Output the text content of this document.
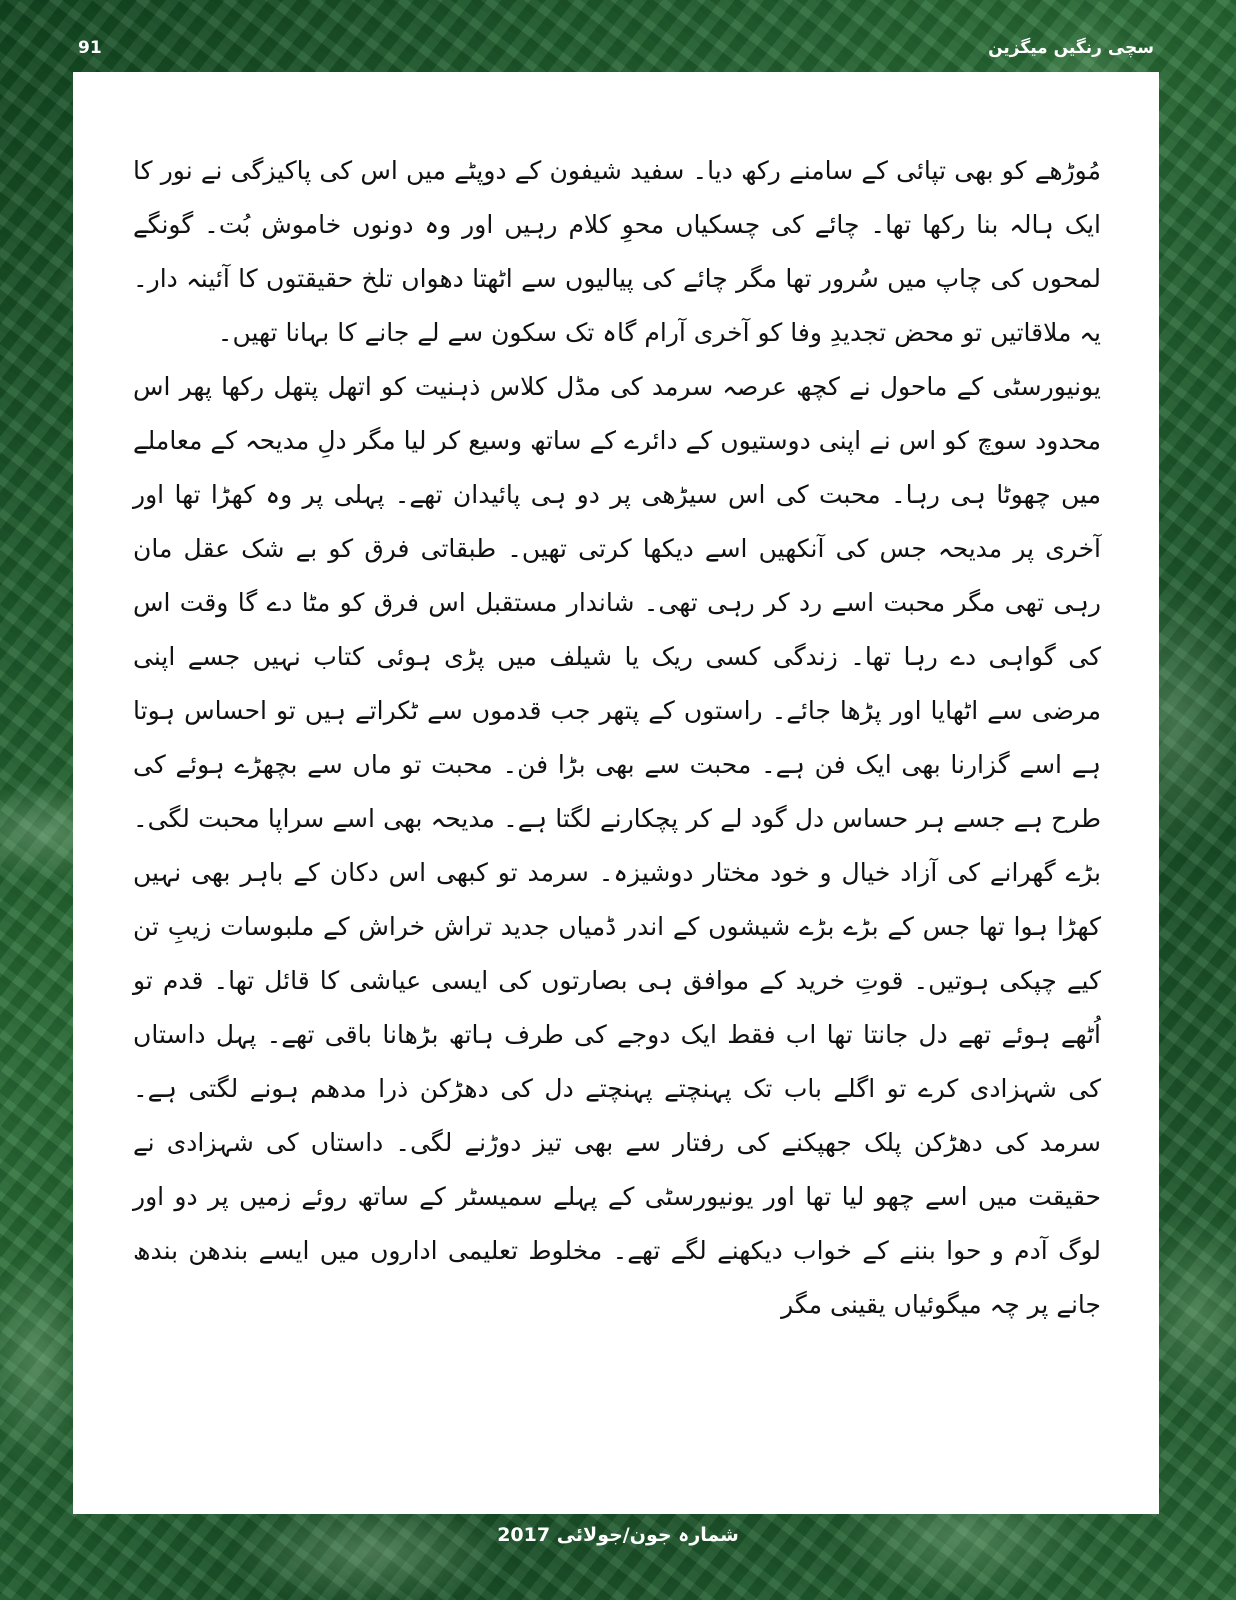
91	سچی رنگیں میگزین

مُوڑھے کو بھی تپائی کے سامنے رکھ دیا۔ سفید شیفون کے دوپٹے میں اس کی پاکیزگی نے نور کا ایک ہالہ بنا رکھا تھا۔ چائے کی چسکیاں محوِ کلام رہیں اور وہ دونوں خاموش بُت۔ گونگے لمحوں کی چاپ میں سُرور تھا مگر چائے کی پیالیوں سے اٹھتا دھواں تلخ حقیقتوں کا آئینہ دار۔ یہ ملاقاتیں تو محض تجدیدِ وفا کو آخری آرام گاہ تک سکون سے لے جانے کا بہانا تھیں۔

یونیورسٹی کے ماحول نے کچھ عرصہ سرمد کی مڈل کلاس ذہنیت کو اتھل پتھل رکھا پھر اس محدود سوچ کو اس نے اپنی دوستیوں کے دائرے کے ساتھ وسیع کر لیا مگر دلِ مدیحہ کے معاملے میں چھوٹا ہی رہا۔ محبت کی اس سیڑھی پر دو ہی پائیدان تھے۔ پہلی پر وہ کھڑا تھا اور آخری پر مدیحہ جس کی آنکھیں اسے دیکھا کرتی تھیں۔ طبقاتی فرق کو بے شک عقل مان رہی تھی مگر محبت اسے رد کر رہی تھی۔ شاندار مستقبل اس فرق کو مٹا دے گا وقت اس کی گواہی دے رہا تھا۔ زندگی کسی ریک یا شیلف میں پڑی ہوئی کتاب نہیں جسے اپنی مرضی سے اٹھایا اور پڑھا جائے۔ راستوں کے پتھر جب قدموں سے ٹکراتے ہیں تو احساس ہوتا ہے اسے گزارنا بھی ایک فن ہے۔ محبت سے بھی بڑا فن۔ محبت تو ماں سے بچھڑے ہوئے کی طرح ہے جسے ہر حساس دل گود لے کر پچکارنے لگتا ہے۔ مدیحہ بھی اسے سراپا محبت لگی۔ بڑے گھرانے کی آزاد خیال و خود مختار دوشیزہ۔ سرمد تو کبھی اس دکان کے باہر بھی نہیں کھڑا ہوا تھا جس کے بڑے بڑے شیشوں کے اندر ڈمیاں جدید تراش خراش کے ملبوسات زیبِ تن کیے چپکی ہوتیں۔ قوتِ خرید کے موافق ہی بصارتوں کی ایسی عیاشی کا قائل تھا۔ قدم تو اُٹھے ہوئے تھے دل جانتا تھا اب فقط ایک دوجے کی طرف ہاتھ بڑھانا باقی تھے۔ پہل داستاں کی شہزادی کرے تو اگلے باب تک پہنچتے پہنچتے دل کی دھڑکن ذرا مدھم ہونے لگتی ہے۔ سرمد کی دھڑکن پلک جھپکنے کی رفتار سے بھی تیز دوڑنے لگی۔ داستاں کی شہزادی نے حقیقت میں اسے چھو لیا تھا اور یونیورسٹی کے پہلے سمیسٹر کے ساتھ روئے زمیں پر دو اور لوگ آدم و حوا بننے کے خواب دیکھنے لگے تھے۔ مخلوط تعلیمی اداروں میں ایسے بندھن بندھ جانے پر چہ میگوئیاں یقینی مگر

شمارہ جون/جولائی 2017
